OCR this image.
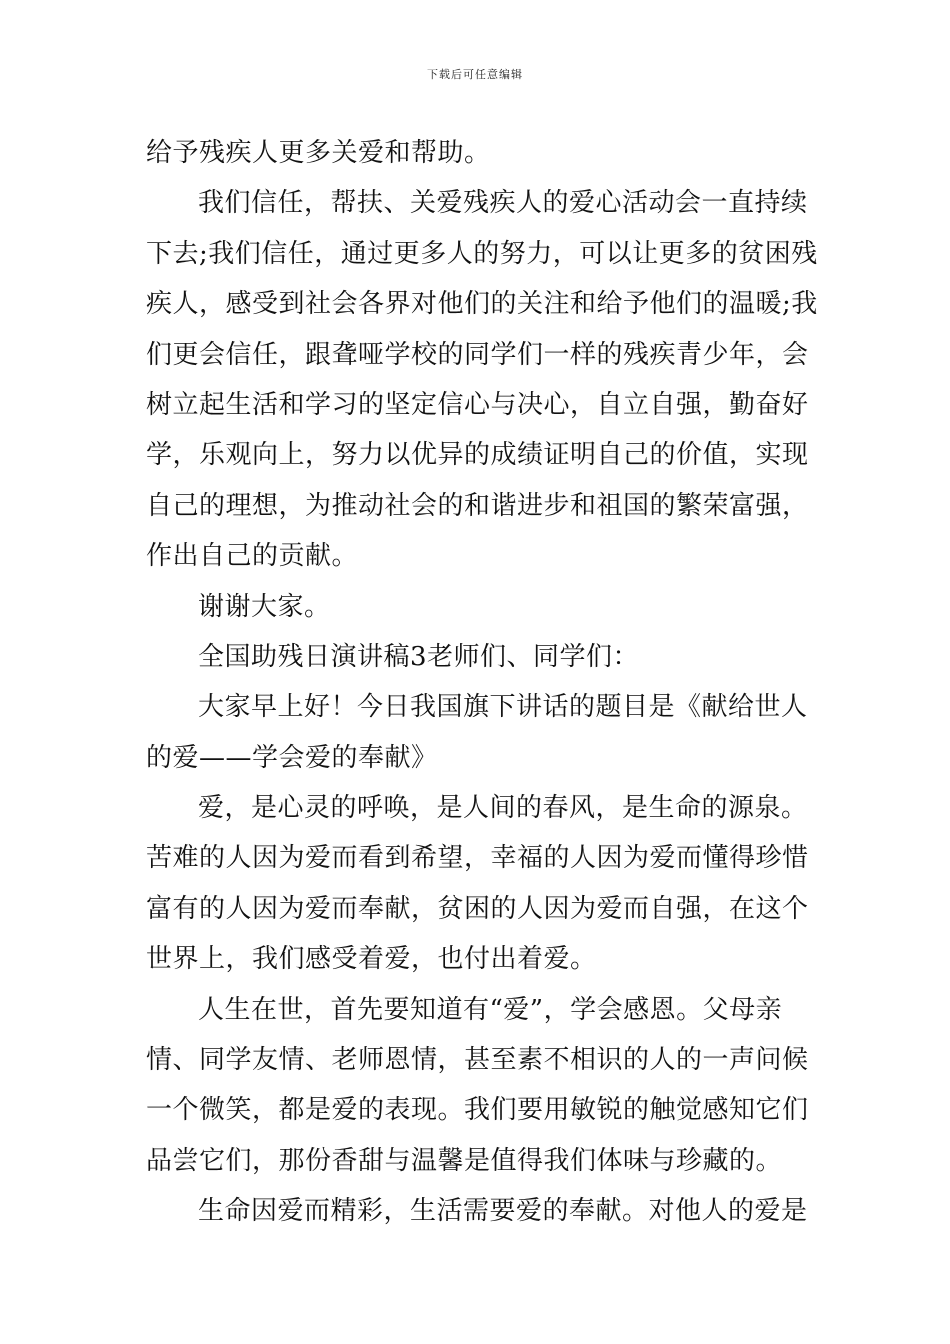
下载后可任意编辑
给予残疾人更多关爱和帮助。
我们信任，帮扶、关爱残疾人的爱心活动会一直持续
下去;我们信任，通过更多人的努力，可以让更多的贫困残
疾人，感受到社会各界对他们的关注和给予他们的温暖;我
们更会信任，跟聋哑学校的同学们一样的残疾青少年，会
树立起生活和学习的坚定信心与决心，自立自强，勤奋好
学，乐观向上，努力以优异的成绩证明自己的价值，实现
自己的理想，为推动社会的和谐进步和祖国的繁荣富强，
作出自己的贡献。
谢谢大家。
全国助残日演讲稿3老师们、同学们：
大家早上好！今日我国旗下讲话的题目是《献给世人
的爱——学会爱的奉献》
爱，是心灵的呼唤，是人间的春风，是生命的源泉。
苦难的人因为爱而看到希望，幸福的人因为爱而懂得珍惜
富有的人因为爱而奉献，贫困的人因为爱而自强，在这个
世界上，我们感受着爱，也付出着爱。
人生在世，首先要知道有“爱”，学会感恩。父母亲
情、同学友情、老师恩情，甚至素不相识的人的一声问候
一个微笑，都是爱的表现。我们要用敏锐的触觉感知它们
品尝它们，那份香甜与温馨是值得我们体味与珍藏的。
生命因爱而精彩，生活需要爱的奉献。对他人的爱是
